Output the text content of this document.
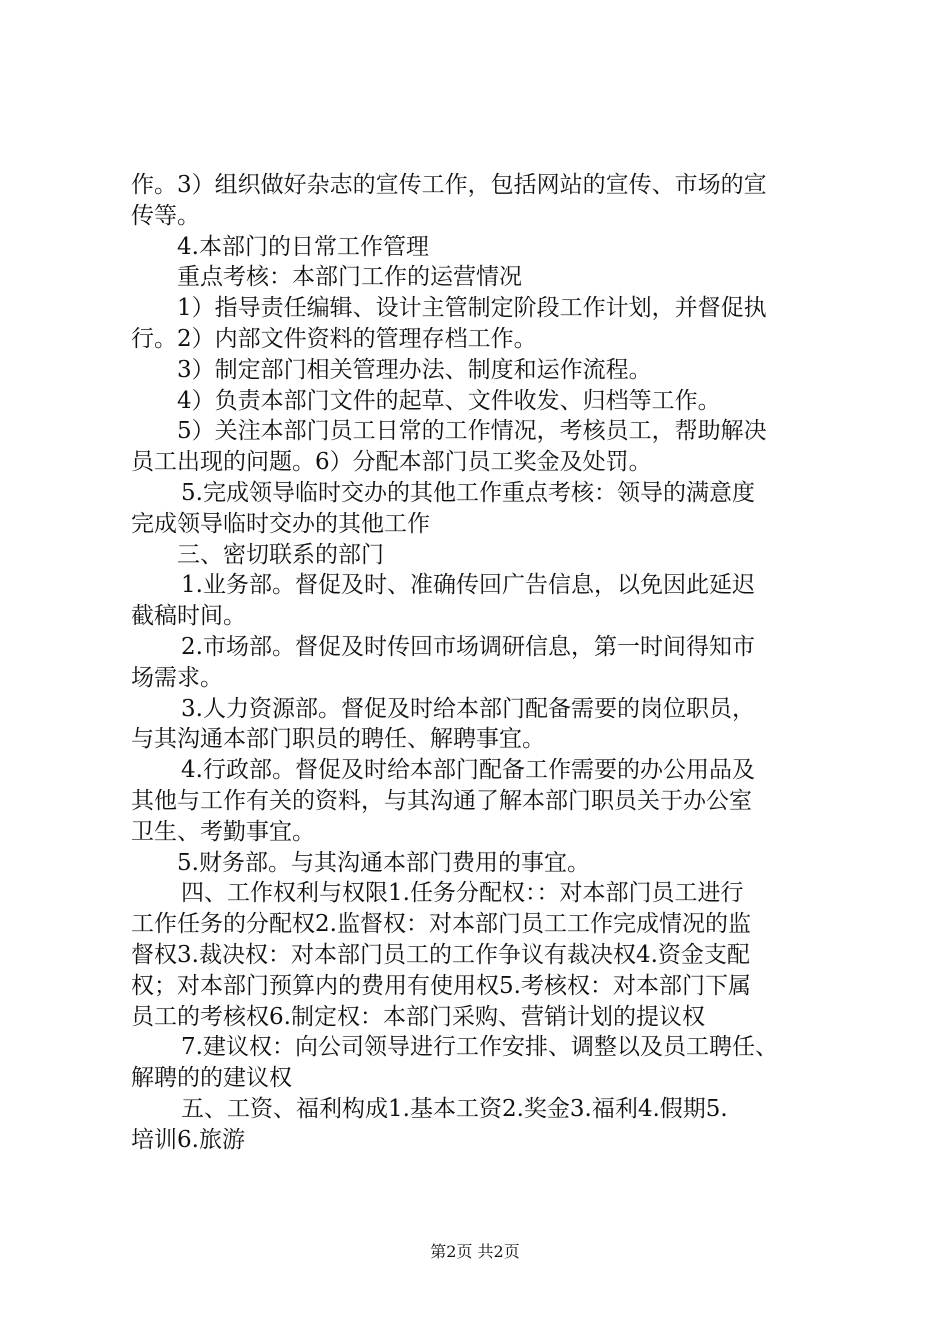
作。3）组织做好杂志的宣传工作，包括网站的宣传、市场的宣
传等。
4.本部门的日常工作管理
重点考核：本部门工作的运营情况
1）指导责任编辑、设计主管制定阶段工作计划，并督促执
行。2）内部文件资料的管理存档工作。
3）制定部门相关管理办法、制度和运作流程。
4）负责本部门文件的起草、文件收发、归档等工作。
5）关注本部门员工日常的工作情况，考核员工，帮助解决
员工出现的问题。6）分配本部门员工奖金及处罚。
5.完成领导临时交办的其他工作重点考核：领导的满意度
完成领导临时交办的其他工作
三、密切联系的部门
1.业务部。督促及时、准确传回广告信息，以免因此延迟
截稿时间。
2.市场部。督促及时传回市场调研信息，第一时间得知市
场需求。
3.人力资源部。督促及时给本部门配备需要的岗位职员，
与其沟通本部门职员的聘任、解聘事宜。
4.行政部。督促及时给本部门配备工作需要的办公用品及
其他与工作有关的资料，与其沟通了解本部门职员关于办公室
卫生、考勤事宜。
5.财务部。与其沟通本部门费用的事宜。
四、工作权利与权限1.任务分配权：：对本部门员工进行
工作任务的分配权2.监督权：对本部门员工工作完成情况的监
督权3.裁决权：对本部门员工的工作争议有裁决权4.资金支配
权；对本部门预算内的费用有使用权5.考核权：对本部门下属
员工的考核权6.制定权：本部门采购、营销计划的提议权
7.建议权：向公司领导进行工作安排、调整以及员工聘任、
解聘的的建议权
五、工资、福利构成1.基本工资2.奖金3.福利4.假期5.
培训6.旅游
第2页 共2页
